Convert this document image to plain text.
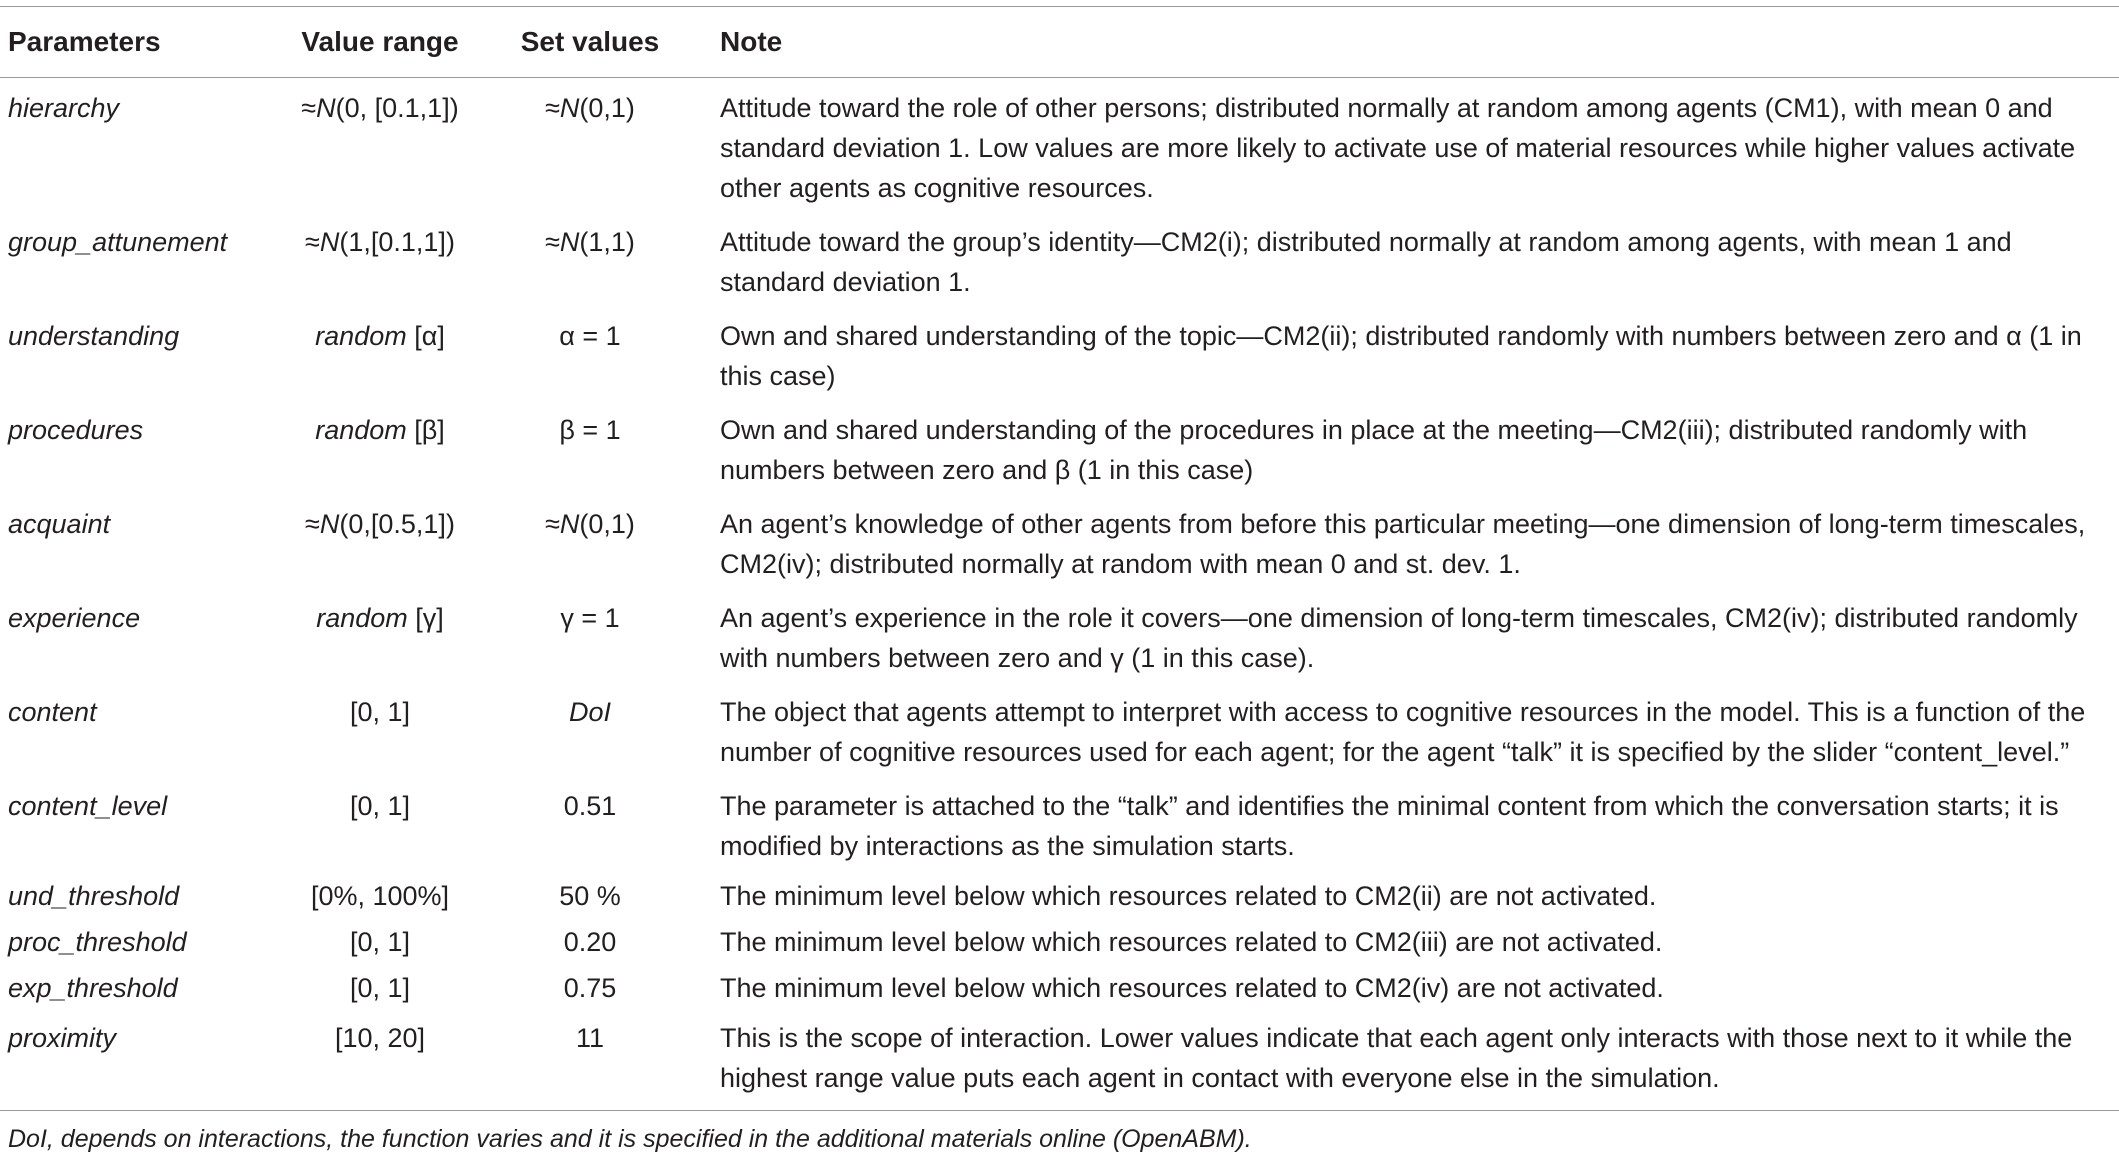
Parameters	Value range	Set values	Note
hierarchy	≈N(0, [0.1,1])	≈N(0,1)	Attitude toward the role of other persons; distributed normally at random among agents (CM1), with mean 0 and standard deviation 1. Low values are more likely to activate use of material resources while higher values activate other agents as cognitive resources.
group_attunement	≈N(1,[0.1,1])	≈N(1,1)	Attitude toward the group’s identity—CM2(i); distributed normally at random among agents, with mean 1 and standard deviation 1.
understanding	random [α]	α = 1	Own and shared understanding of the topic—CM2(ii); distributed randomly with numbers between zero and α (1 in this case)
procedures	random [β]	β = 1	Own and shared understanding of the procedures in place at the meeting—CM2(iii); distributed randomly with numbers between zero and β (1 in this case)
acquaint	≈N(0,[0.5,1])	≈N(0,1)	An agent’s knowledge of other agents from before this particular meeting—one dimension of long-term timescales, CM2(iv); distributed normally at random with mean 0 and st. dev. 1.
experience	random [γ]	γ = 1	An agent’s experience in the role it covers—one dimension of long-term timescales, CM2(iv); distributed randomly with numbers between zero and γ (1 in this case).
content	[0, 1]	DoI	The object that agents attempt to interpret with access to cognitive resources in the model. This is a function of the number of cognitive resources used for each agent; for the agent “talk” it is specified by the slider “content_level.”
content_level	[0, 1]	0.51	The parameter is attached to the “talk” and identifies the minimal content from which the conversation starts; it is modified by interactions as the simulation starts.
und_threshold	[0%, 100%]	50 %	The minimum level below which resources related to CM2(ii) are not activated.
proc_threshold	[0, 1]	0.20	The minimum level below which resources related to CM2(iii) are not activated.
exp_threshold	[0, 1]	0.75	The minimum level below which resources related to CM2(iv) are not activated.
proximity	[10, 20]	11	This is the scope of interaction. Lower values indicate that each agent only interacts with those next to it while the highest range value puts each agent in contact with everyone else in the simulation.
DoI, depends on interactions, the function varies and it is specified in the additional materials online (OpenABM).
